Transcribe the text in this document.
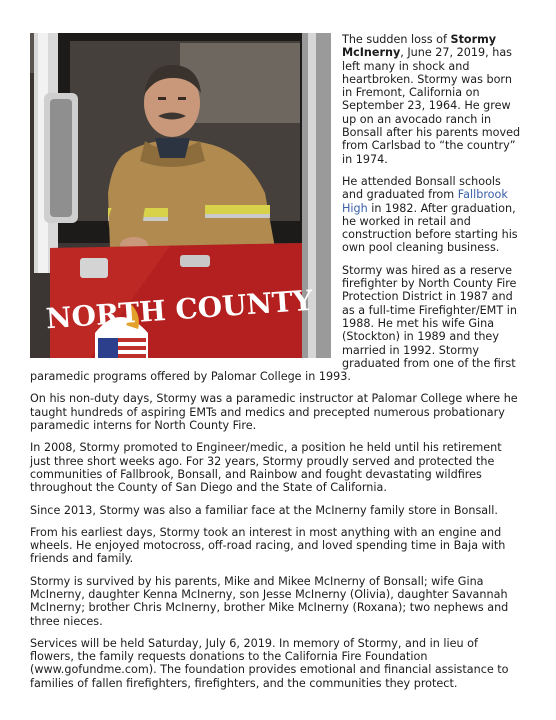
NORTH COUNTY

The sudden loss of Stormy McInerny, June 27, 2019, has left many in shock and heartbroken. Stormy was born in Fremont, California on September 23, 1964. He grew up on an avocado ranch in Bonsall after his parents moved from Carlsbad to “the country” in 1974.

He attended Bonsall schools and graduated from Fallbrook High in 1982. After graduation, he worked in retail and construction before starting his own pool cleaning business.

Stormy was hired as a reserve firefighter by North County Fire Protection District in 1987 and as a full-time Firefighter/EMT in 1988. He met his wife Gina (Stockton) in 1989 and they married in 1992. Stormy graduated from one of the first paramedic programs offered by Palomar College in 1993.

On his non-duty days, Stormy was a paramedic instructor at Palomar College where he taught hundreds of aspiring EMTs and medics and precepted numerous probationary paramedic interns for North County Fire.

In 2008, Stormy promoted to Engineer/medic, a position he held until his retirement just three short weeks ago. For 32 years, Stormy proudly served and protected the communities of Fallbrook, Bonsall, and Rainbow and fought devastating wildfires throughout the County of San Diego and the State of California.

Since 2013, Stormy was also a familiar face at the McInerny family store in Bonsall.

From his earliest days, Stormy took an interest in most anything with an engine and wheels. He enjoyed motocross, off-road racing, and loved spending time in Baja with friends and family.

Stormy is survived by his parents, Mike and Mikee McInerny of Bonsall; wife Gina McInerny, daughter Kenna McInerny, son Jesse McInerny (Olivia), daughter Savannah McInerny; brother Chris McInerny, brother Mike McInerny (Roxana); two nephews and three nieces.

Services will be held Saturday, July 6, 2019. In memory of Stormy, and in lieu of flowers, the family requests donations to the California Fire Foundation (www.gofundme.com). The foundation provides emotional and financial assistance to families of fallen firefighters, firefighters, and the communities they protect.
